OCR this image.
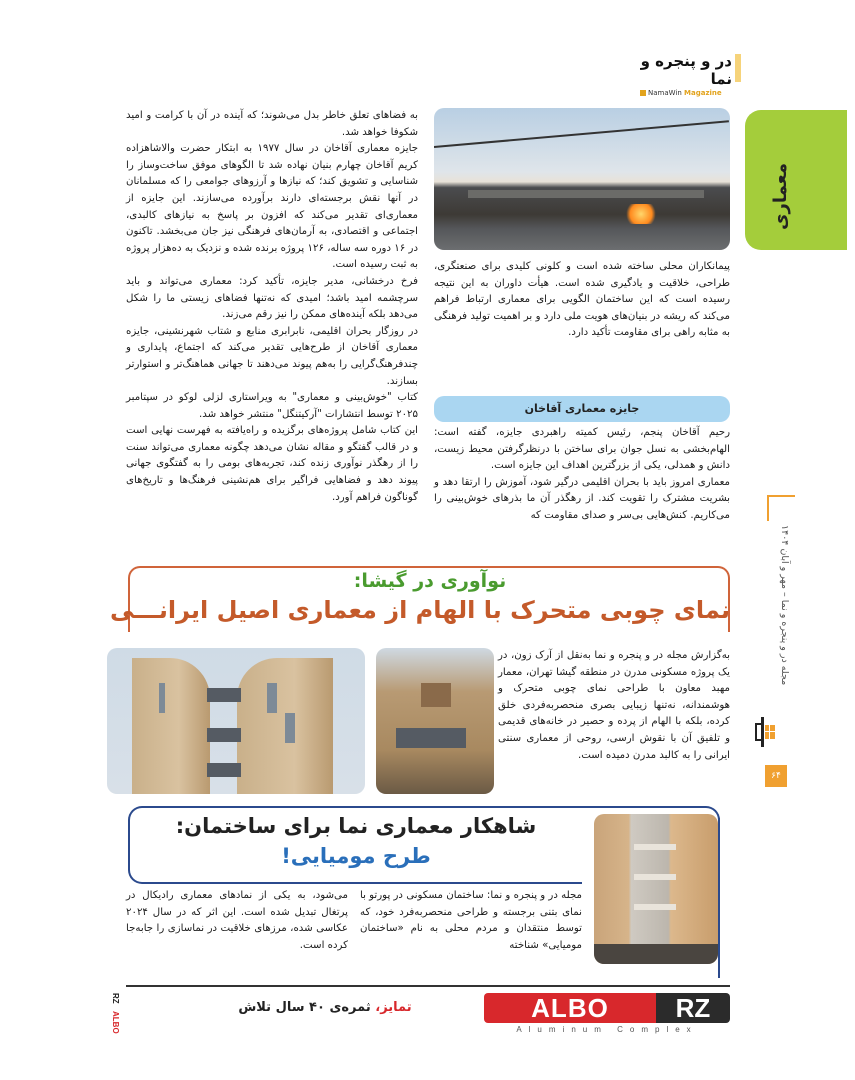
در و پنجره و نما
NamaWin Magazine
معماری

به فضاهای تعلق خاطر بدل می‌شوند؛ که آینده در آن با کرامت و امید شکوفا خواهد شد.

جایزه معماری آقاخان در سال ۱۹۷۷ به ابتکار حضرت والاشاهزاده کریم آقاخان چهارم بنیان نهاده شد تا الگوهای موفق ساخت‌وساز را شناسایی و تشویق کند؛ که نیازها و آرزوهای جوامعی را که مسلمانان در آنها نقش برجسته‌ای دارند برآورده می‌سازند. این جایزه از معماری‌ای تقدیر می‌کند که افزون بر پاسخ به نیازهای کالبدی، اجتماعی و اقتصادی، به آرمان‌های فرهنگی نیز جان می‌بخشد. تاکنون در ۱۶ دوره سه ساله، ۱۲۶ پروژه برنده شده و نزدیک به ده‌هزار پروژه به ثبت رسیده است.

فرخ درخشانی، مدیر جایزه، تأکید کرد: معماری می‌تواند و باید سرچشمه امید باشد؛ امیدی که نه‌تنها فضاهای زیستی ما را شکل می‌دهد بلکه آینده‌های ممکن را نیز رقم می‌زند.

در روزگار بحران اقلیمی، نابرابری منابع و شتاب شهرنشینی، جایزه معماری آقاخان از طرح‌هایی تقدیر می‌کند که اجتماع، پایداری و چندفرهنگ‌گرایی را به‌هم پیوند می‌دهند تا جهانی هماهنگ‌تر و استوارتر بسازند.

کتاب "خوش‌بینی و معماری" به ویراستاری لزلی لوکو در سپتامبر ۲۰۲۵ توسط انتشارات "آرکیتنگل" منتشر خواهد شد.

این کتاب شامل پروژه‌های برگزیده و راه‌یافته به فهرست نهایی است و در قالب گفتگو و مقاله نشان می‌دهد چگونه معماری می‌تواند سنت را از رهگذر نوآوری زنده کند، تجربه‌های بومی را به گفتگوی جهانی پیوند دهد و فضاهایی فراگیر برای هم‌نشینی فرهنگ‌ها و تاریخ‌های گوناگون فراهم آورد.

پیمانکاران محلی ساخته شده است و کلونی کلیدی برای صنعتگری، طراحی، خلاقیت و یادگیری شده است. هیأت داوران به این نتیجه رسیده است که این ساختمان الگویی برای معماری ارتباط فراهم می‌کند که ریشه در بنیان‌های هویت ملی دارد و بر اهمیت تولید فرهنگی به مثابه راهی برای مقاومت تأکید دارد.

جایزه معماری آقاخان

رحیم آقاخان پنجم، رئیس کمیته راهبردی جایزه، گفته است: الهام‌بخشی به نسل جوان برای ساختن با درنظرگرفتن محیط زیست، دانش و همدلی، یکی از بزرگترین اهداف این جایزه است.

معماری امروز باید با بحران اقلیمی درگیر شود، آموزش را ارتقا دهد و بشریت مشترک را تقویت کند. از رهگذر آن ما بذرهای خوش‌بینی را می‌کاریم. کنش‌هایی بی‌سر و صدای مقاومت که

مجله در و پنجره و نما – مهر و آبان ۱۴۰۴
۶۴
نوآوری در گیشا:
نمای چوبی متحرک با الهام از معماری اصیل ایرانـــی
به‌گزارش مجله در و پنجره و نما به‌نقل از آرک زون، در یک پروژه مسکونی مدرن در منطقه گیشا تهران، معمار مهبد معاون با طراحی نمای چوبی متحرک و هوشمندانه، نه‌تنها زیبایی بصری منحصربه‌فردی خلق کرده، بلکه با الهام از پرده و حصیر در خانه‌های قدیمی و تلفیق آن با نقوش ارسی، روحی از معماری سنتی ایرانی را به کالبد مدرن دمیده است.
شاهکار معماری نما برای ساختمان:
طرح مومیایی!
مجله در و پنجره و نما: ساختمان مسکونی در پورتو با نمای بتنی برجسته و طراحی منحصربه‌فرد خود، که توسط منتقدان و مردم محلی به نام «ساختمان مومیایی» شناخته
می‌شود، به یکی از نمادهای معماری رادیکال در پرتغال تبدیل شده است. این اثر که در سال ۲۰۲۴ عکاسی شده، مرزهای خلاقیت در نماسازی را جابه‌جا کرده است.
تمایز، ثمره‌ی ۴۰ سال تلاش	ALBO	RZ
Aluminum Complex
RZ
ALBO
